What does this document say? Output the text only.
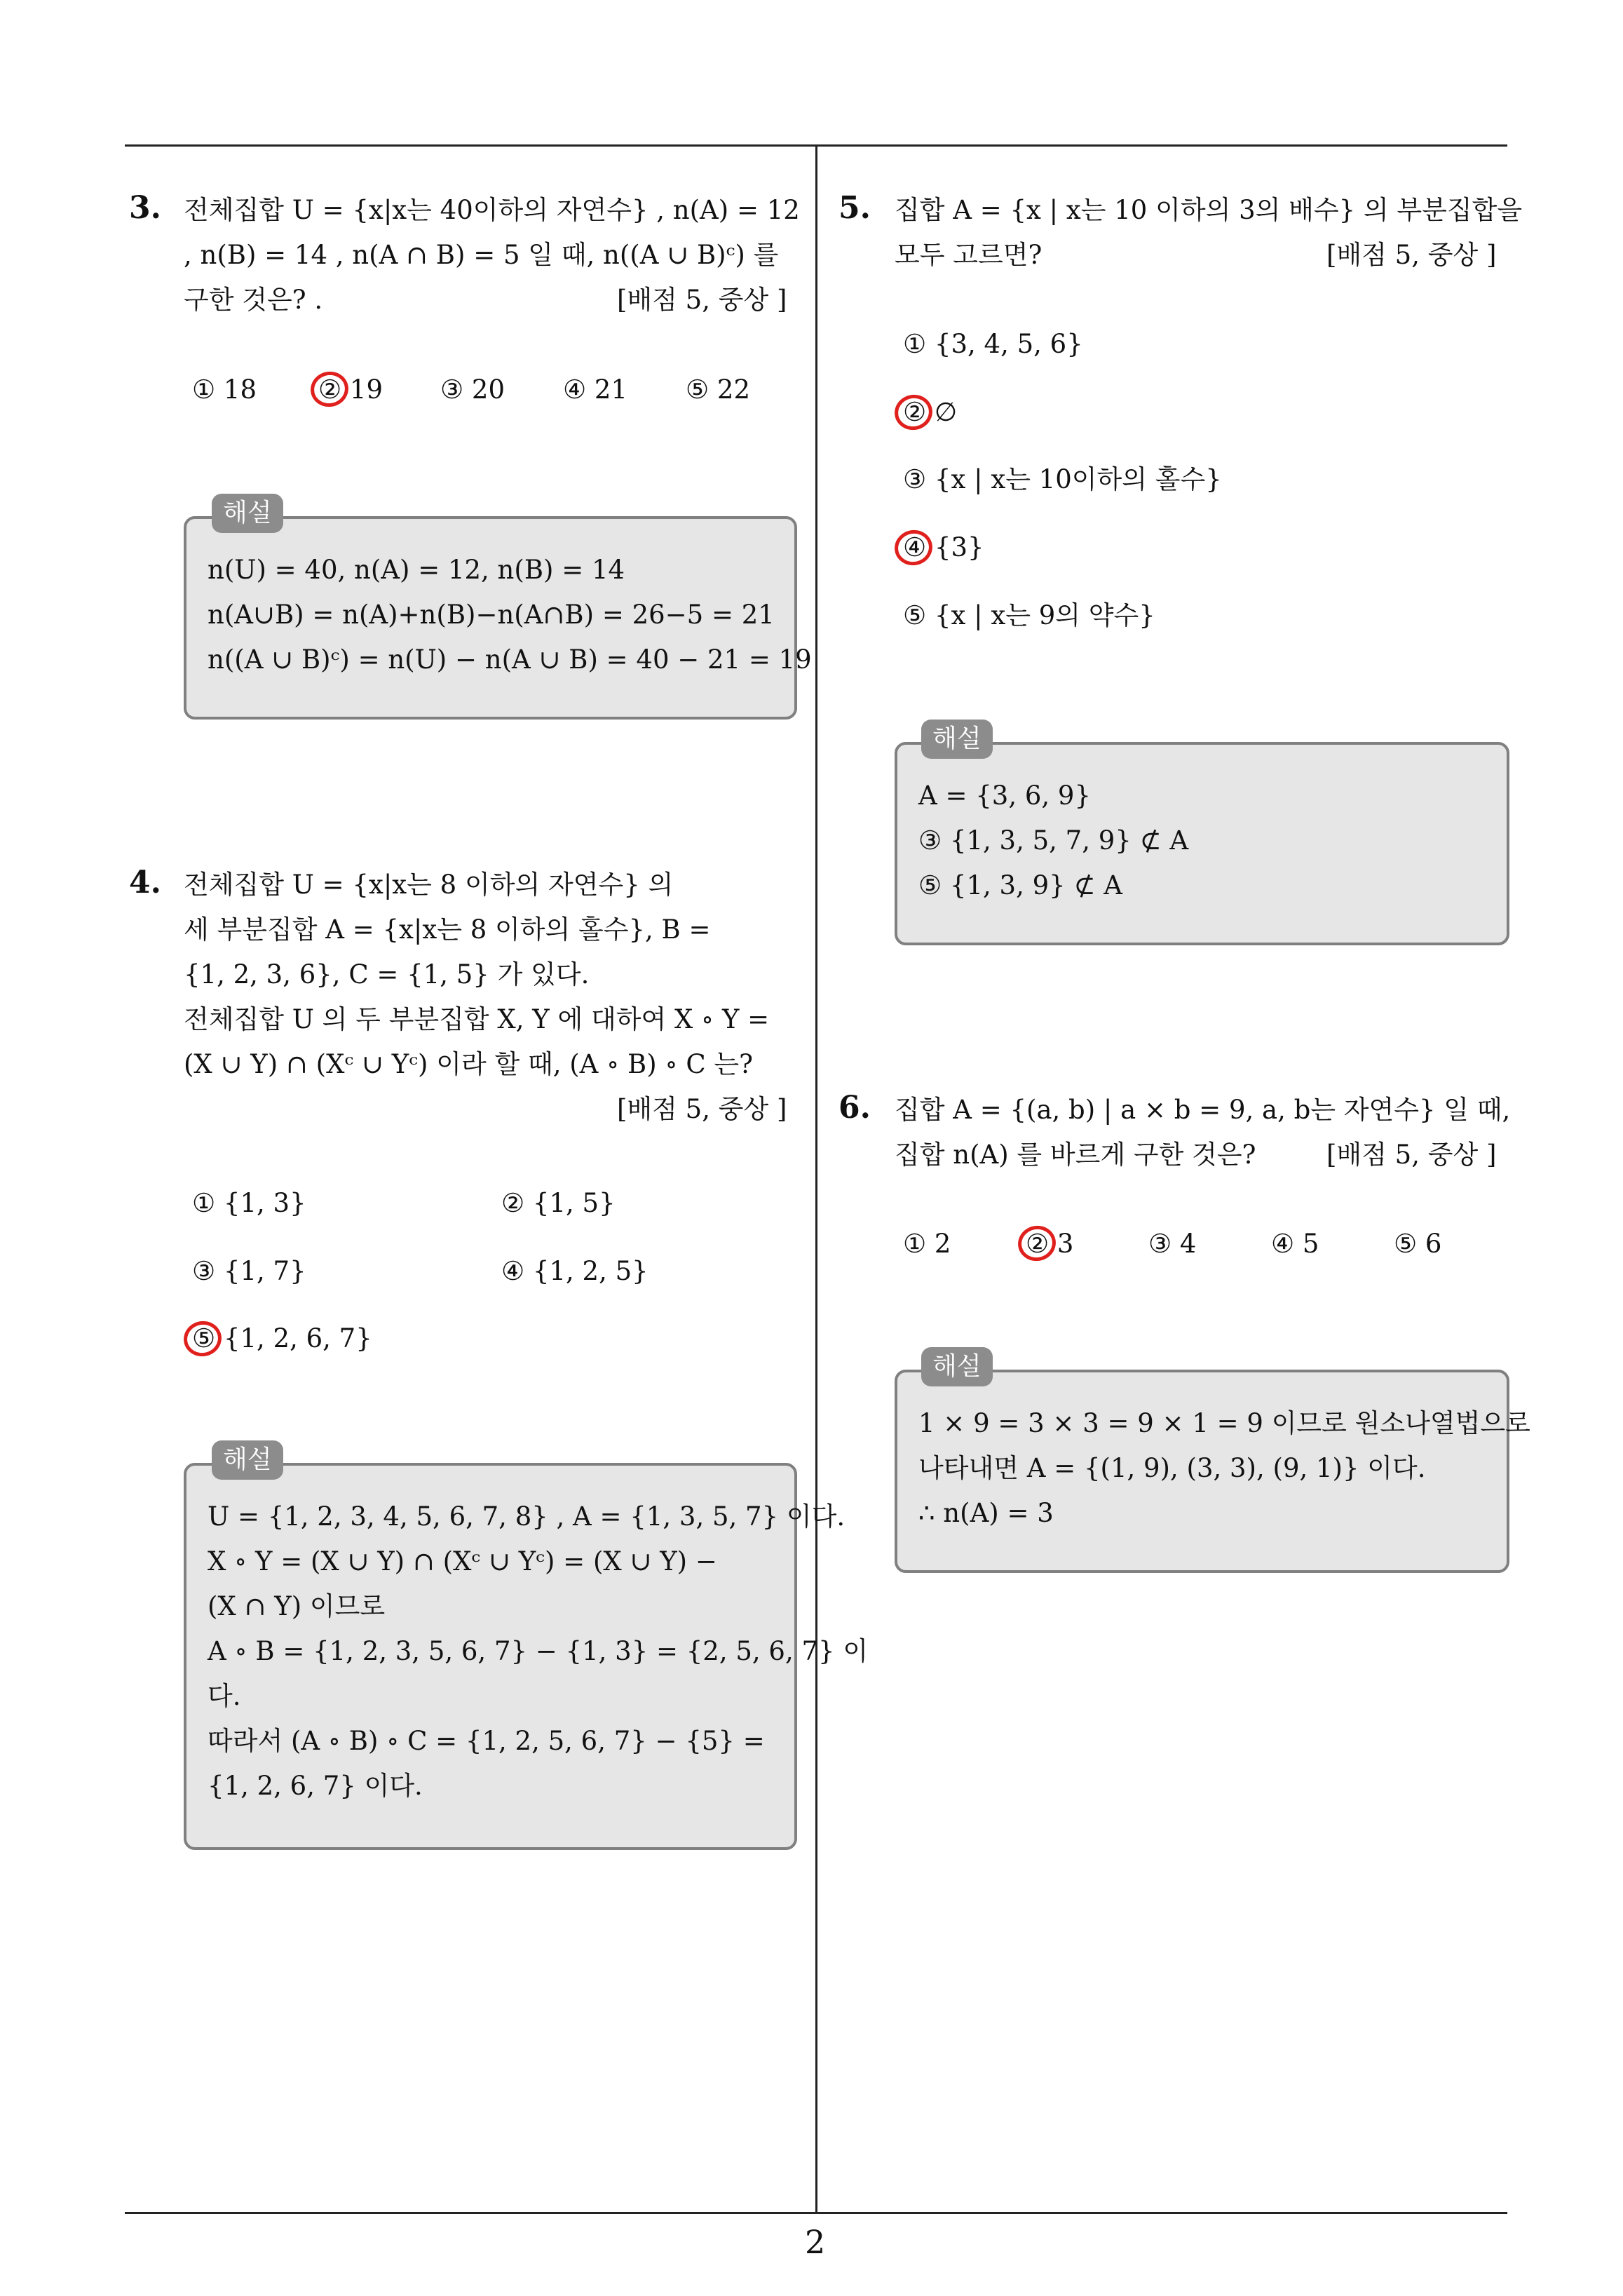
3. 전체집합 U = {x|x는 40이하의 자연수} , n(A) = 12
, n(B) = 14 , n(A ∩ B) = 5 일 때, n((A ∪ B)ᶜ) 를
구한 것은? .	[배점 5, 중상 ]
① 18 ② 19 ③ 20 ④ 21 ⑤ 22
n(U) = 40, n(A) = 12, n(B) = 14
n(A∪B) = n(A)+n(B)−n(A∩B) = 26−5 = 21
n((A ∪ B)ᶜ) = n(U) − n(A ∪ B) = 40 − 21 = 19
해설
4. 전체집합 U = {x|x는 8 이하의 자연수} 의
세 부분집합 A = {x|x는 8 이하의 홀수}, B =
{1, 2, 3, 6}, C = {1, 5} 가 있다.
전체집합 U 의 두 부분집합 X, Y 에 대하여 X ∘ Y =
(X ∪ Y) ∩ (Xᶜ ∪ Yᶜ) 이라 할 때, (A ∘ B) ∘ C 는?
[배점 5, 중상 ]
① {1, 3}	② {1, 5}
③ {1, 7}	④ {1, 2, 5}
⑤ {1, 2, 6, 7}
U = {1, 2, 3, 4, 5, 6, 7, 8} , A = {1, 3, 5, 7} 이다.
X ∘ Y = (X ∪ Y) ∩ (Xᶜ ∪ Yᶜ) = (X ∪ Y) −
(X ∩ Y) 이므로
A ∘ B = {1, 2, 3, 5, 6, 7} − {1, 3} = {2, 5, 6, 7} 이
다.
따라서 (A ∘ B) ∘ C = {1, 2, 5, 6, 7} − {5} =
{1, 2, 6, 7} 이다.
해설
5. 집합 A = {x | x는 10 이하의 3의 배수} 의 부분집합을
모두 고르면?	[배점 5, 중상 ]
① {3, 4, 5, 6}
② ∅
③ {x | x는 10이하의 홀수}
④ {3}
⑤ {x | x는 9의 약수}
A = {3, 6, 9}
③ {1, 3, 5, 7, 9} ⊄ A
⑤ {1, 3, 9} ⊄ A
해설
6. 집합 A = {(a, b) | a × b = 9, a, b는 자연수} 일 때,
집합 n(A) 를 바르게 구한 것은?	[배점 5, 중상 ]
① 2	② 3	③ 4	④ 5	⑤ 6
1 × 9 = 3 × 3 = 9 × 1 = 9 이므로 원소나열법으로
나타내면 A = {(1, 9), (3, 3), (9, 1)} 이다.
∴ n(A) = 3
해설
2
